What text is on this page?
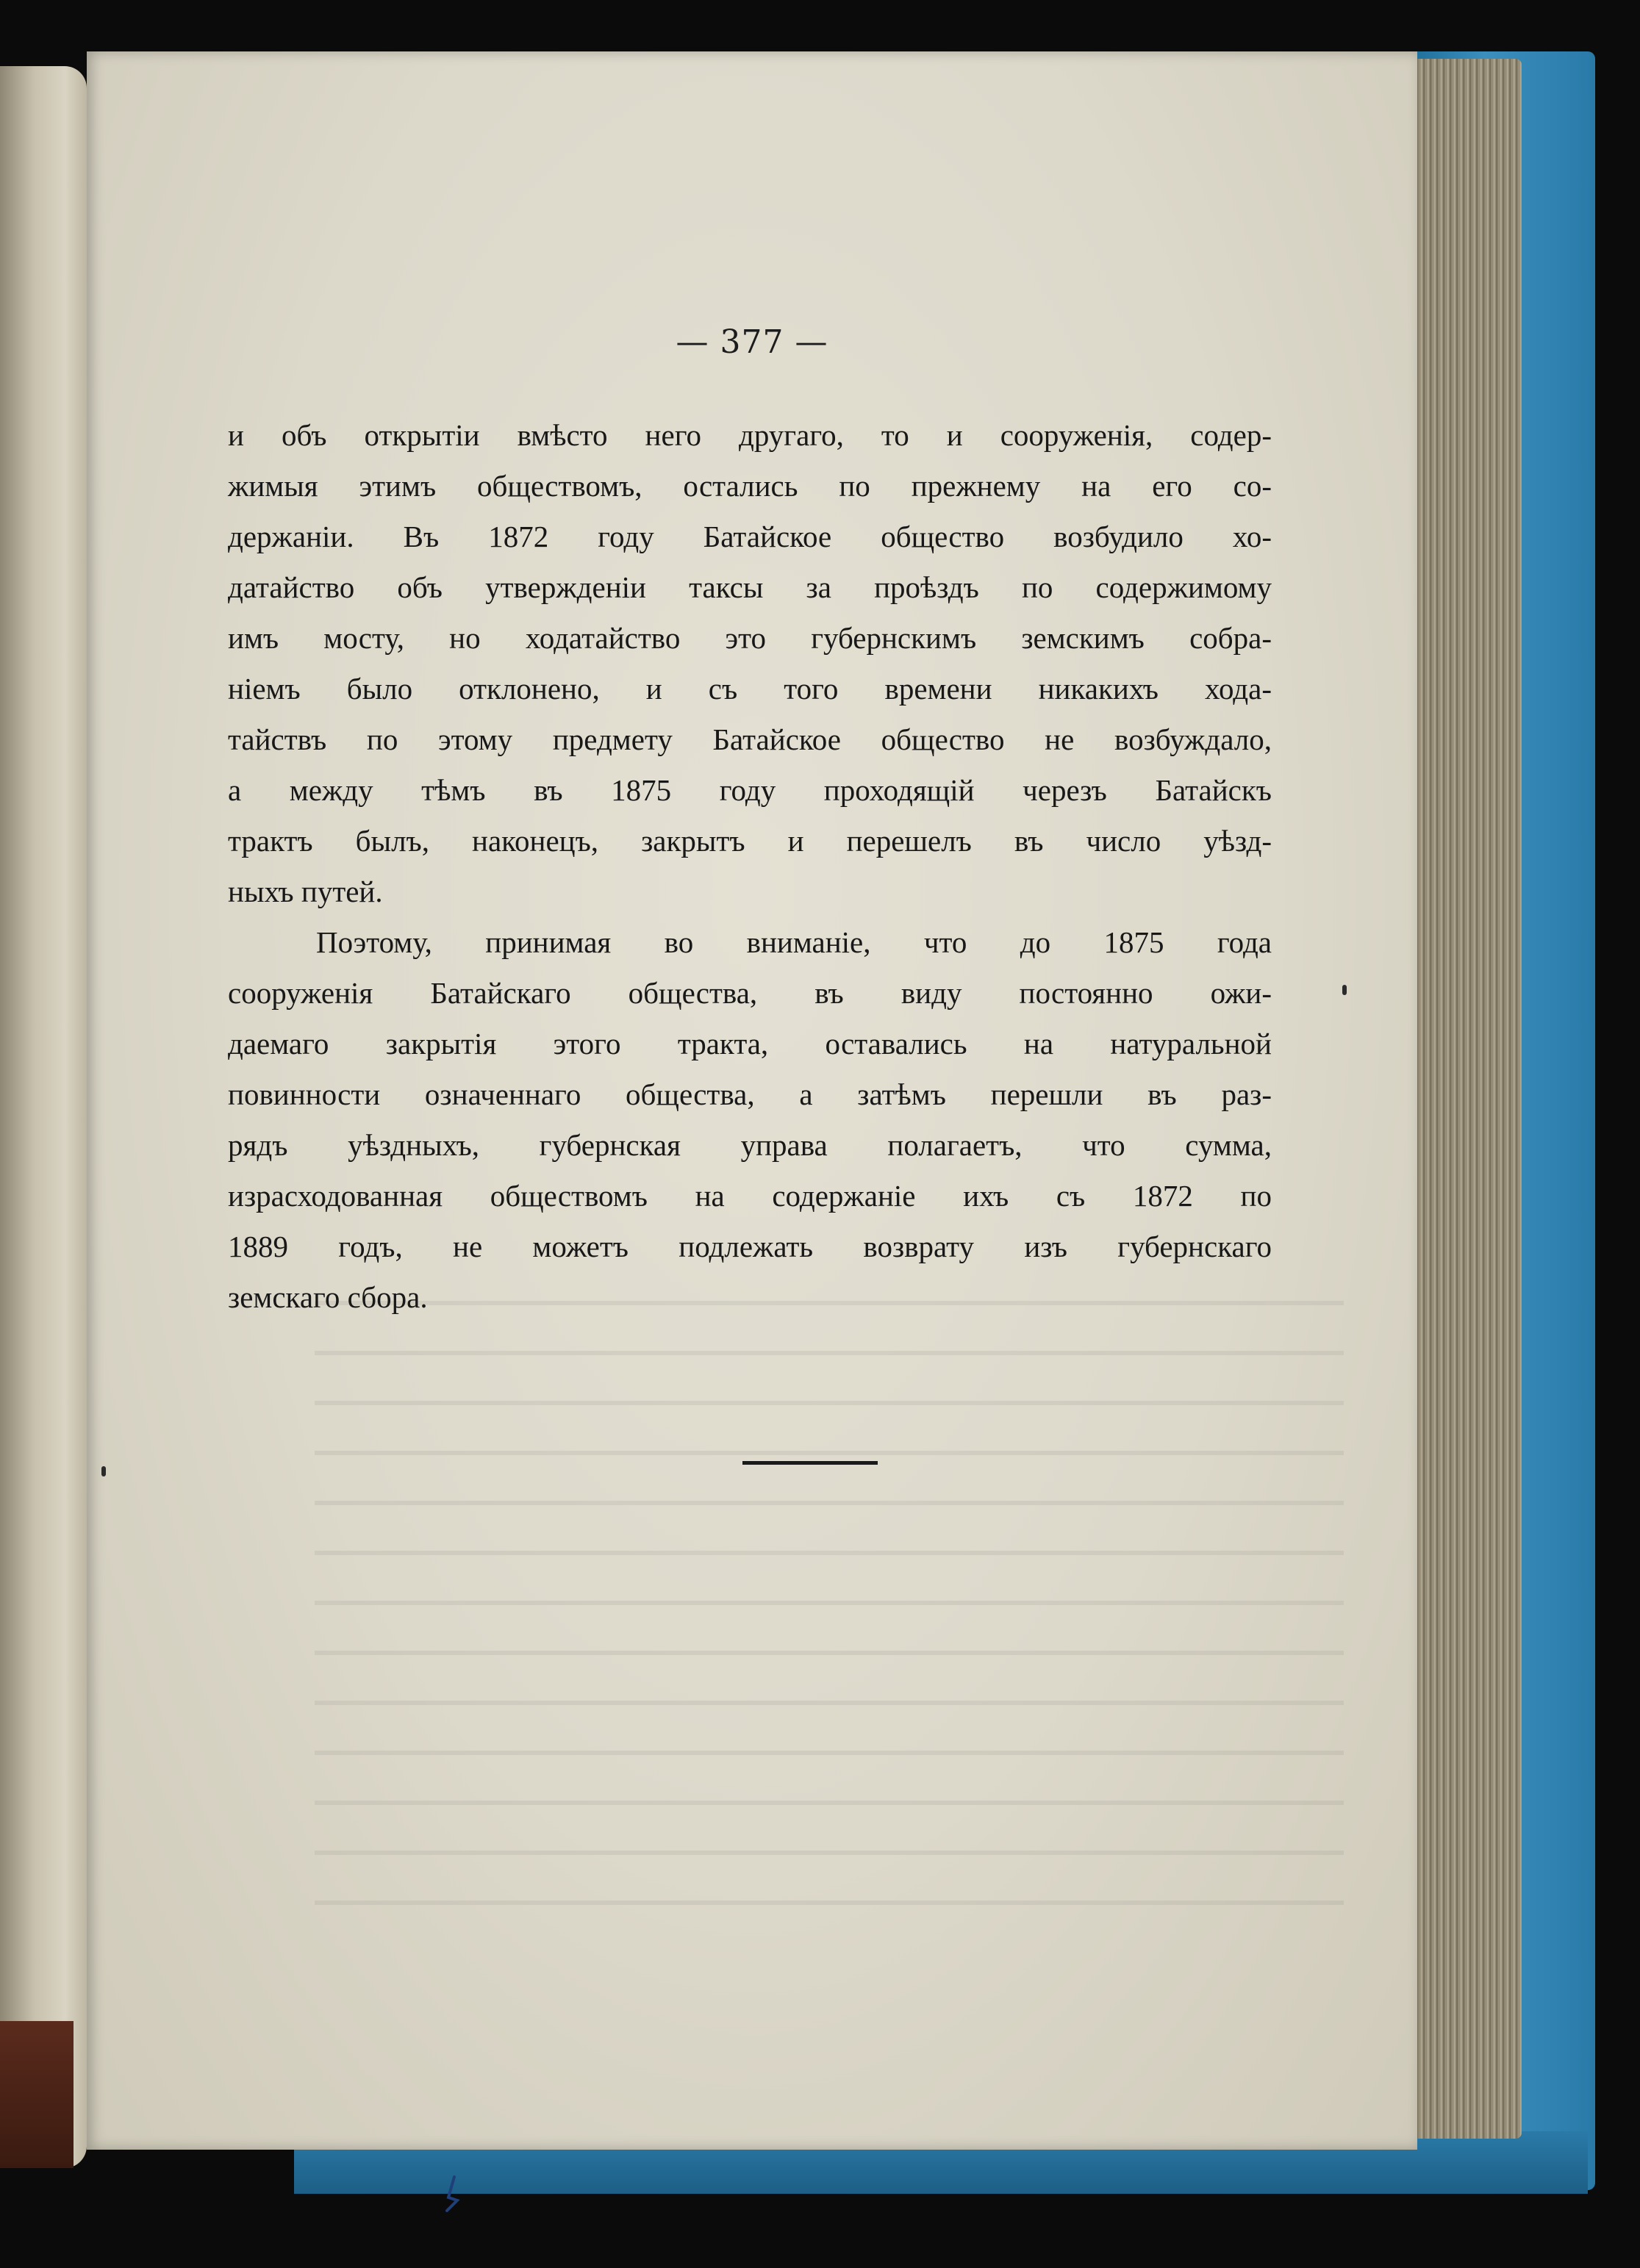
— 377 —
и объ открытіи вмѣсто него другаго, то и сооруженія, содер-
жимыя этимъ обществомъ, остались по прежнему на его со-
держаніи. Въ 1872 году Батайское общество возбудило хо-
датайство объ утвержденіи таксы за проѣздъ по содержимому
имъ мосту, но ходатайство это губернскимъ земскимъ собра-
ніемъ было отклонено, и съ того времени никакихъ хода-
тайствъ по этому предмету Батайское общество не возбуждало,
а между тѣмъ въ 1875 году проходящій черезъ Батайскъ
трактъ былъ, наконецъ, закрытъ и перешелъ въ число уѣзд-
ныхъ путей.
Поэтому, принимая во вниманіе, что до 1875 года
сооруженія Батайскаго общества, въ виду постоянно ожи-
даемаго закрытія этого тракта, оставались на натуральной
повинности означеннаго общества, а затѣмъ перешли въ раз-
рядъ уѣздныхъ, губернская управа полагаетъ, что сумма,
израсходованная обществомъ на содержаніе ихъ съ 1872 по
1889 годъ, не можетъ подлежать возврату изъ губернскаго
земскаго сбора.
